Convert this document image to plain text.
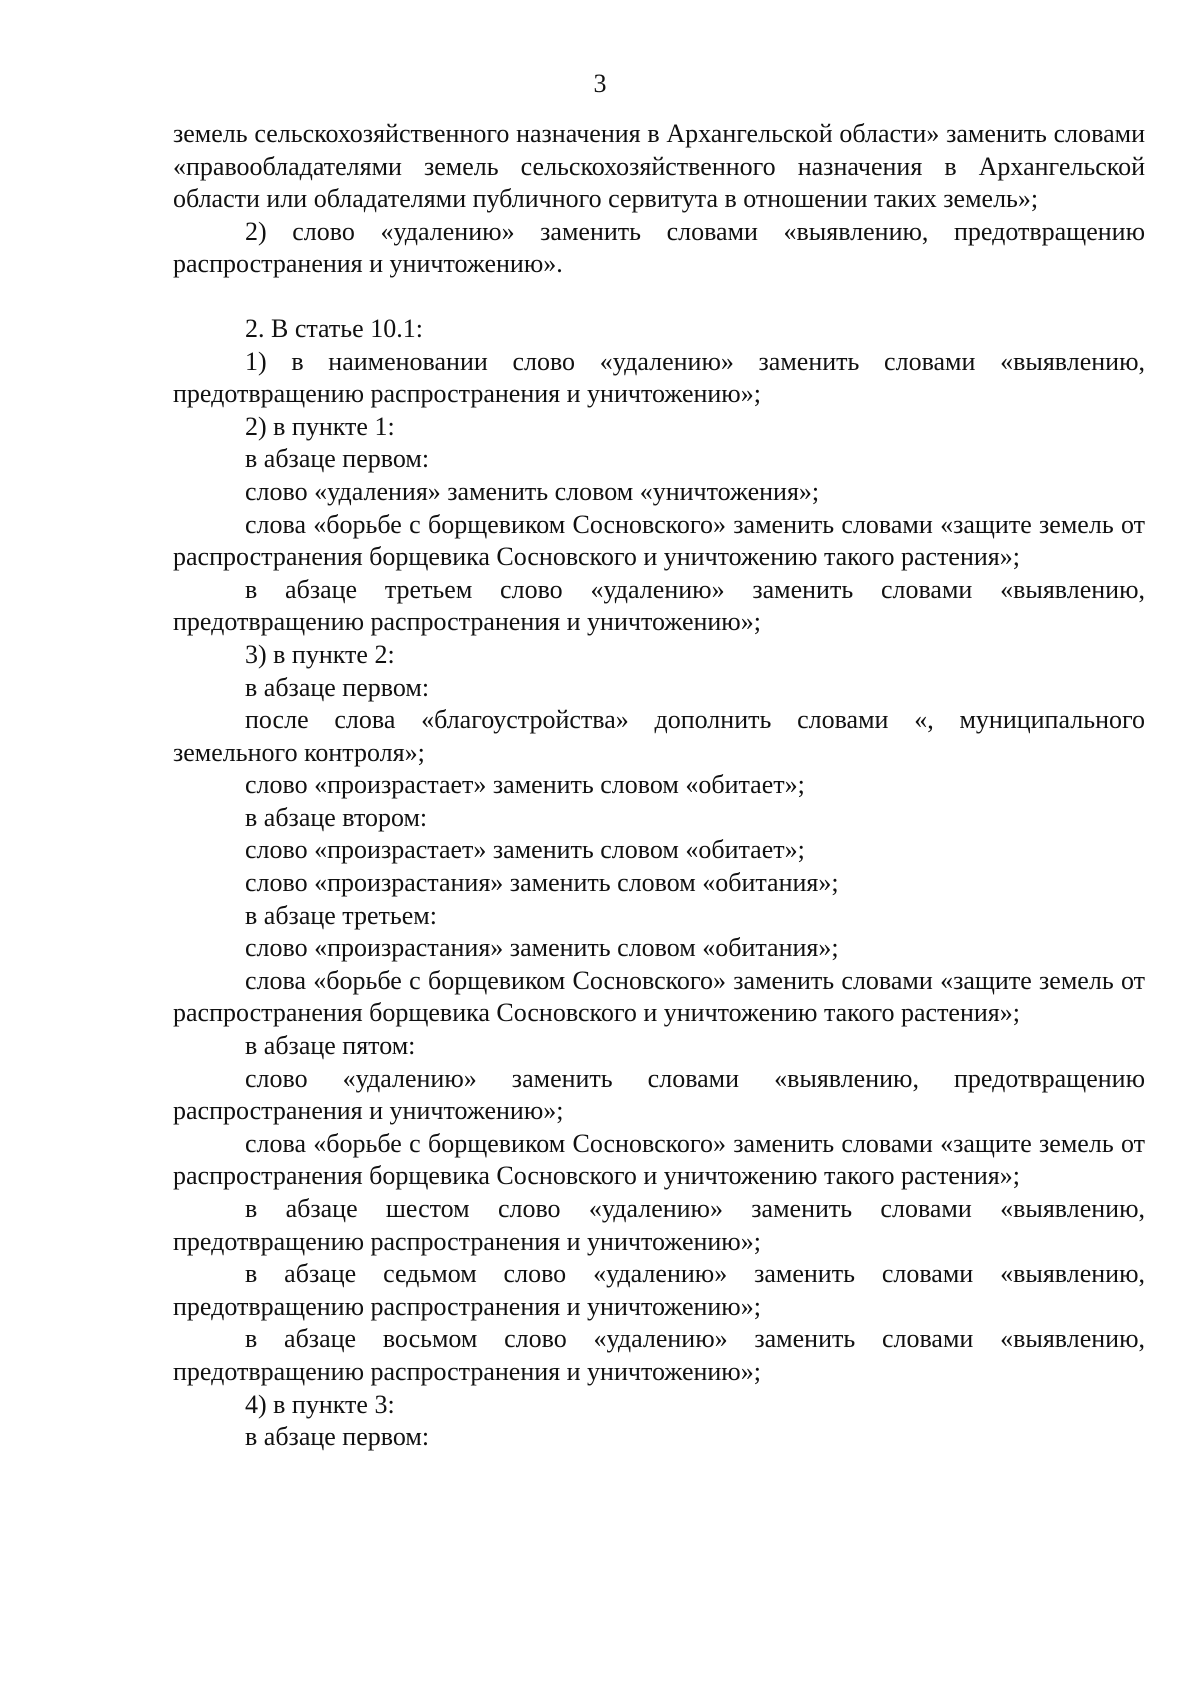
3

земель сельскохозяйственного назначения в Архангельской области» заменить словами «правообладателями земель сельскохозяйственного назначения в Архангельской области или обладателями публичного сервитута в отношении таких земель»;

2) слово «удалению» заменить словами «выявлению, предотвращению распространения и уничтожению».

2. В статье 10.1:

1) в наименовании слово «удалению» заменить словами «выявлению, предотвращению распространения и уничтожению»;

2) в пункте 1:

в абзаце первом:

слово «удаления» заменить словом «уничтожения»;

слова «борьбе с борщевиком Сосновского» заменить словами «защите земель от распространения борщевика Сосновского и уничтожению такого растения»;

в абзаце третьем слово «удалению» заменить словами «выявлению, предотвращению распространения и уничтожению»;

3) в пункте 2:

в абзаце первом:

после слова «благоустройства» дополнить словами «, муниципального земельного контроля»;

слово «произрастает» заменить словом «обитает»;

в абзаце втором:

слово «произрастает» заменить словом «обитает»;

слово «произрастания» заменить словом «обитания»;

в абзаце третьем:

слово «произрастания» заменить словом «обитания»;

слова «борьбе с борщевиком Сосновского» заменить словами «защите земель от распространения борщевика Сосновского и уничтожению такого растения»;

в абзаце пятом:

слово «удалению» заменить словами «выявлению, предотвращению распространения и уничтожению»;

слова «борьбе с борщевиком Сосновского» заменить словами «защите земель от распространения борщевика Сосновского и уничтожению такого растения»;

в абзаце шестом слово «удалению» заменить словами «выявлению, предотвращению распространения и уничтожению»;

в абзаце седьмом слово «удалению» заменить словами «выявлению, предотвращению распространения и уничтожению»;

в абзаце восьмом слово «удалению» заменить словами «выявлению, предотвращению распространения и уничтожению»;

4) в пункте 3:

в абзаце первом:
